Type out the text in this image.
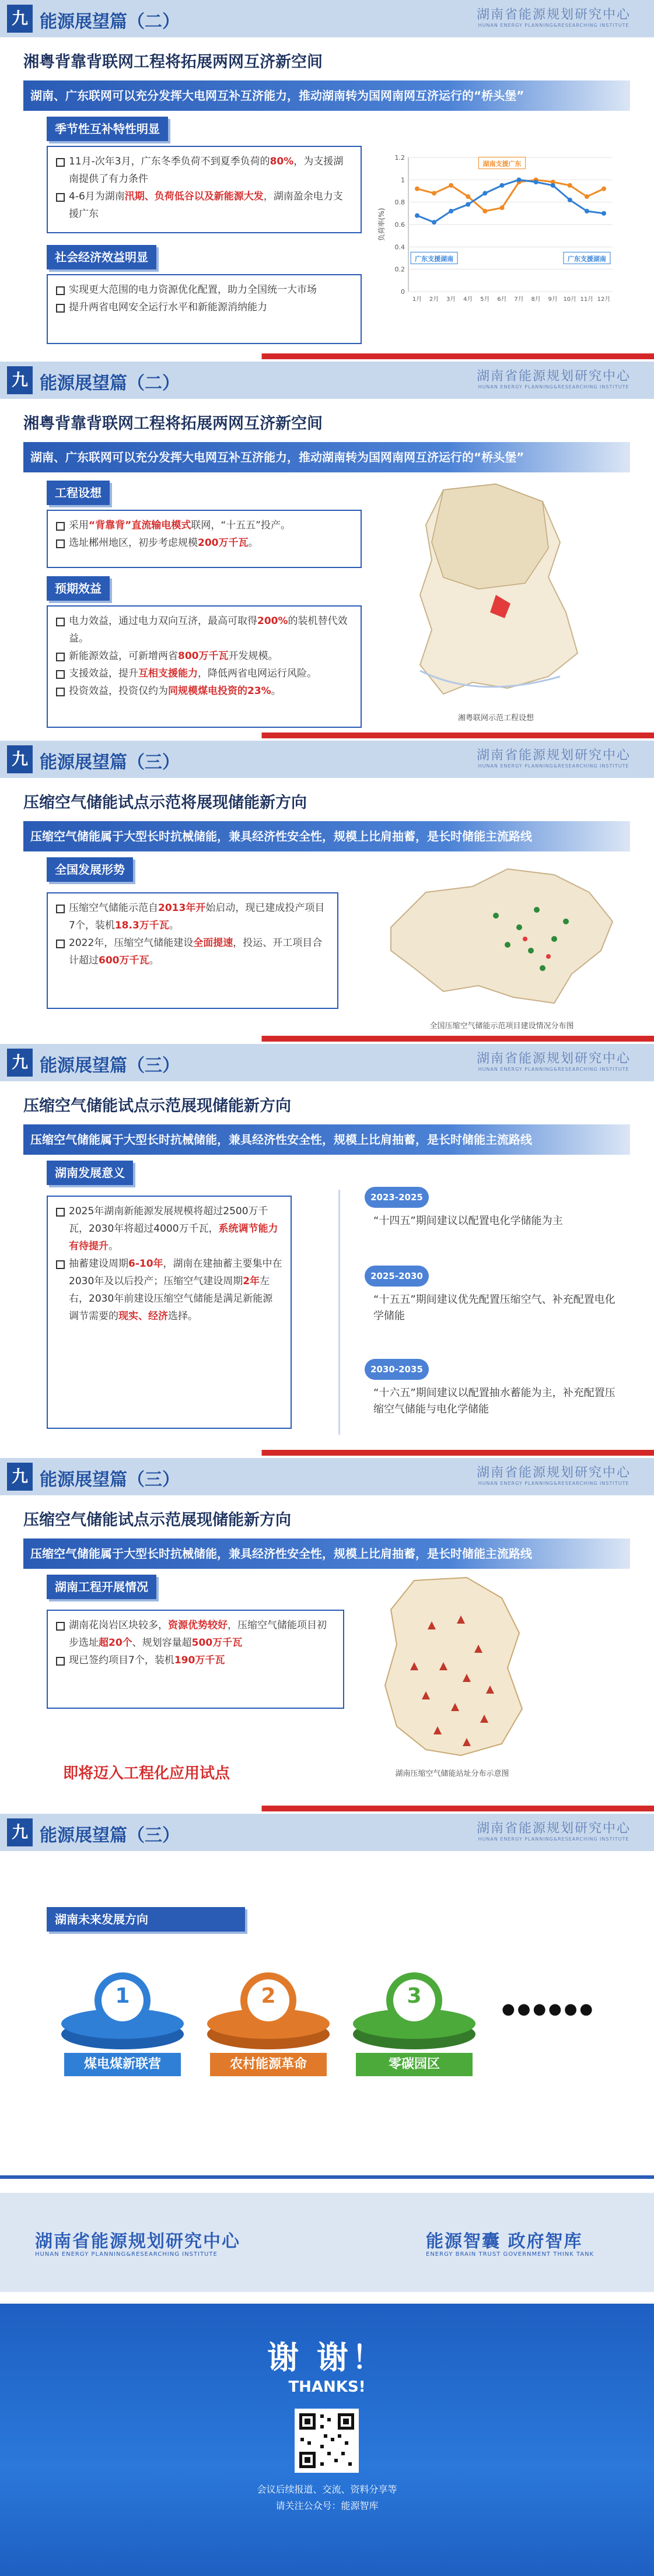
九 能源展望篇（二）	湖南省能源规划研究中心
HUNAN ENERGY PLANNING&RESEARCHING INSTITUTE
湘粤背靠背联网工程将拓展两网互济新空间
湖南、广东联网可以充分发挥大电网互补互济能力，推动湖南转为国网南网互济运行的“桥头堡”
季节性互补特性明显
11月-次年3月，广东冬季负荷不到夏季负荷的80%，为支援湖南提供了有力条件
4-6月为湖南汛期、负荷低谷以及新能源大发，湖南盈余电力支援广东
社会经济效益明显
实现更大范围的电力资源优化配置，助力全国统一大市场
提升两省电网安全运行水平和新能源消纳能力
0
0.2
0.4
0.6
0.8
1
1.2
1月 2月 3月 4月 5月 6月 7月 8月 9月 10月 11月 12月
负荷率(%)
湖南支援广东
广东支援湖南	广东支援湖南
九 能源展望篇（二）	湖南省能源规划研究中心
HUNAN ENERGY PLANNING&RESEARCHING INSTITUTE
湘粤背靠背联网工程将拓展两网互济新空间
湖南、广东联网可以充分发挥大电网互补互济能力，推动湖南转为国网南网互济运行的“桥头堡”
工程设想
采用“背靠背”直流输电模式联网，“十五五”投产。
选址郴州地区，初步考虑规模200万千瓦。
预期效益
电力效益，通过电力双向互济，最高可取得200%的装机替代效益。
新能源效益，可新增两省800万千瓦开发规模。
支援效益，提升互相支援能力，降低两省电网运行风险。
投资效益，投资仅约为同规模煤电投资的23%。
湘粤联网示范工程设想
九 能源展望篇（三）	湖南省能源规划研究中心
HUNAN ENERGY PLANNING&RESEARCHING INSTITUTE
压缩空气储能试点示范将展现储能新方向
压缩空气储能属于大型长时抗械储能，兼具经济性安全性，规模上比肩抽蓄，是长时储能主流路线
全国发展形势
压缩空气储能示范自2013年开始启动，现已建成投产项目7个，装机18.3万千瓦。
2022年，压缩空气储能建设全面提速，投运、开工项目合计超过600万千瓦。
全国压缩空气储能示范项目建设情况分布图
九 能源展望篇（三）	湖南省能源规划研究中心
HUNAN ENERGY PLANNING&RESEARCHING INSTITUTE
压缩空气储能试点示范展现储能新方向
压缩空气储能属于大型长时抗械储能，兼具经济性安全性，规模上比肩抽蓄，是长时储能主流路线
湖南发展意义
2025年湖南新能源发展规模将超过2500万千瓦，2030年将超过4000万千瓦，系统调节能力有待提升。
抽蓄建设周期6-10年，湖南在建抽蓄主要集中在2030年及以后投产；压缩空气建设周期2年左右，2030年前建设压缩空气储能是满足新能源调节需要的现实、经济选择。
2023-2025
“十四五”期间建议以配置电化学储能为主
2025-2030
“十五五”期间建议优先配置压缩空气、补充配置电化学储能
2030-2035
“十六五”期间建议以配置抽水蓄能为主，补充配置压缩空气储能与电化学储能
九 能源展望篇（三）	湖南省能源规划研究中心
HUNAN ENERGY PLANNING&RESEARCHING INSTITUTE
压缩空气储能试点示范展现储能新方向
压缩空气储能属于大型长时抗械储能，兼具经济性安全性，规模上比肩抽蓄，是长时储能主流路线
湖南工程开展情况
湖南花岗岩区块较多，资源优势较好，压缩空气储能项目初步选址超20个、规划容量超500万千瓦
现已签约项目7个，装机190万千瓦
即将迈入工程化应用试点	湖南压缩空气储能站址分布示意图
九 能源展望篇（三）	湖南省能源规划研究中心
HUNAN ENERGY PLANNING&RESEARCHING INSTITUTE
湖南未来发展方向
1
煤电煤新联营
2
农村能源革命
3
零碳园区
●●●●●●
湖南省能源规划研究中心
HUNAN ENERGY PLANNING&RESEARCHING INSTITUTE
能源智囊 政府智库
ENERGY BRAIN TRUST GOVERNMENT THINK TANK
谢 谢！
THANKS!
会议后续报道、交流、资料分享等
请关注公众号：能源智库
